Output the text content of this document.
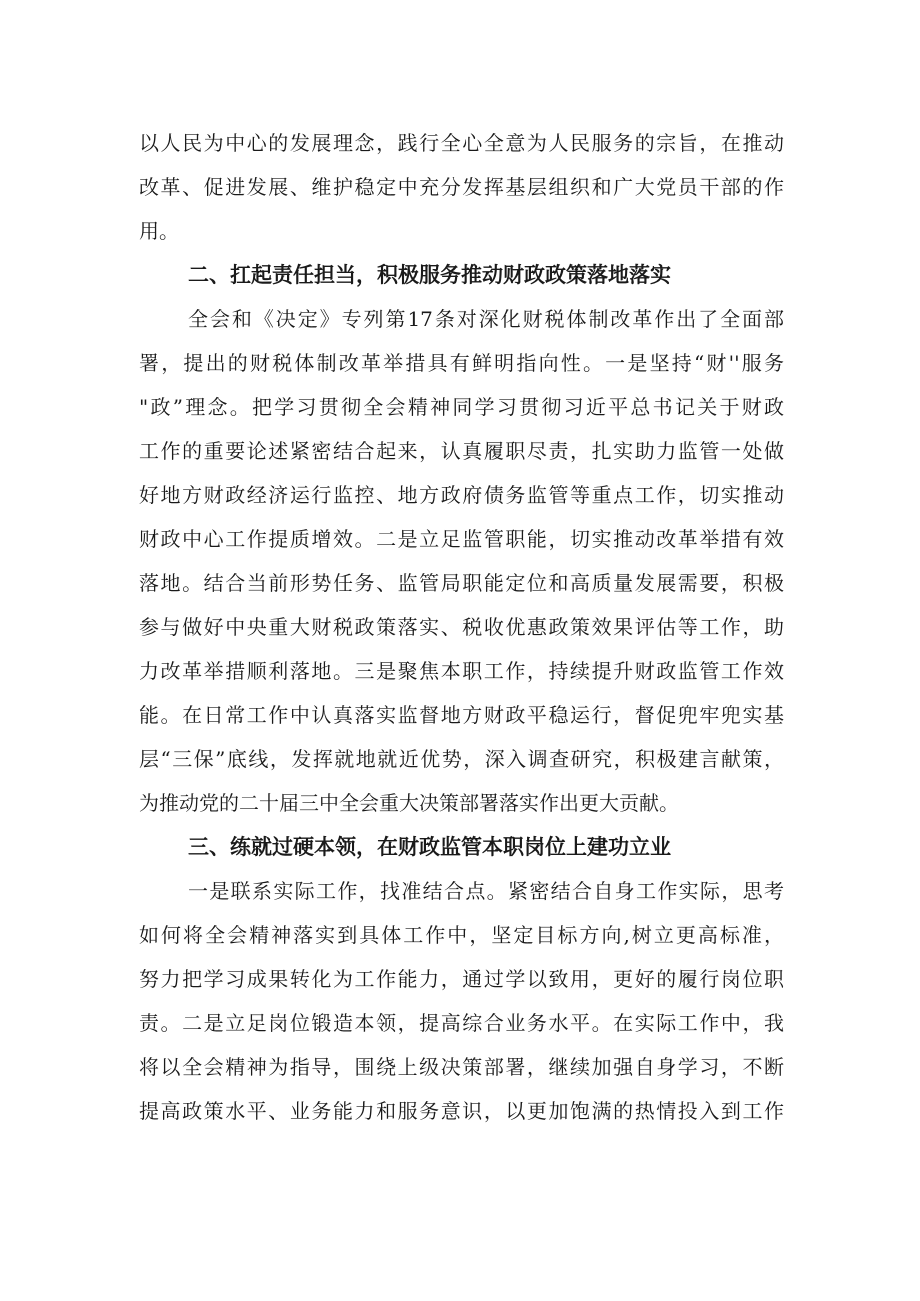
以人民为中心的发展理念，践行全心全意为人民服务的宗旨，在推动
改革、促进发展、维护稳定中充分发挥基层组织和广大党员干部的作
用。
二、扛起责任担当，积极服务推动财政政策落地落实
全会和《决定》专列第17条对深化财税体制改革作出了全面部
署，提出的财税体制改革举措具有鲜明指向性。一是坚持“财''服务
"政”理念。把学习贯彻全会精神同学习贯彻习近平总书记关于财政
工作的重要论述紧密结合起来，认真履职尽责，扎实助力监管一处做
好地方财政经济运行监控、地方政府债务监管等重点工作，切实推动
财政中心工作提质增效。二是立足监管职能，切实推动改革举措有效
落地。结合当前形势任务、监管局职能定位和高质量发展需要，积极
参与做好中央重大财税政策落实、税收优惠政策效果评估等工作，助
力改革举措顺利落地。三是聚焦本职工作，持续提升财政监管工作效
能。在日常工作中认真落实监督地方财政平稳运行，督促兜牢兜实基
层“三保”底线，发挥就地就近优势，深入调查研究，积极建言献策，
为推动党的二十届三中全会重大决策部署落实作出更大贡献。
三、练就过硬本领，在财政监管本职岗位上建功立业
一是联系实际工作，找准结合点。紧密结合自身工作实际，思考
如何将全会精神落实到具体工作中，坚定目标方向,树立更高标准，
努力把学习成果转化为工作能力，通过学以致用，更好的履行岗位职
责。二是立足岗位锻造本领，提高综合业务水平。在实际工作中，我
将以全会精神为指导，围绕上级决策部署，继续加强自身学习，不断
提高政策水平、业务能力和服务意识，以更加饱满的热情投入到工作
